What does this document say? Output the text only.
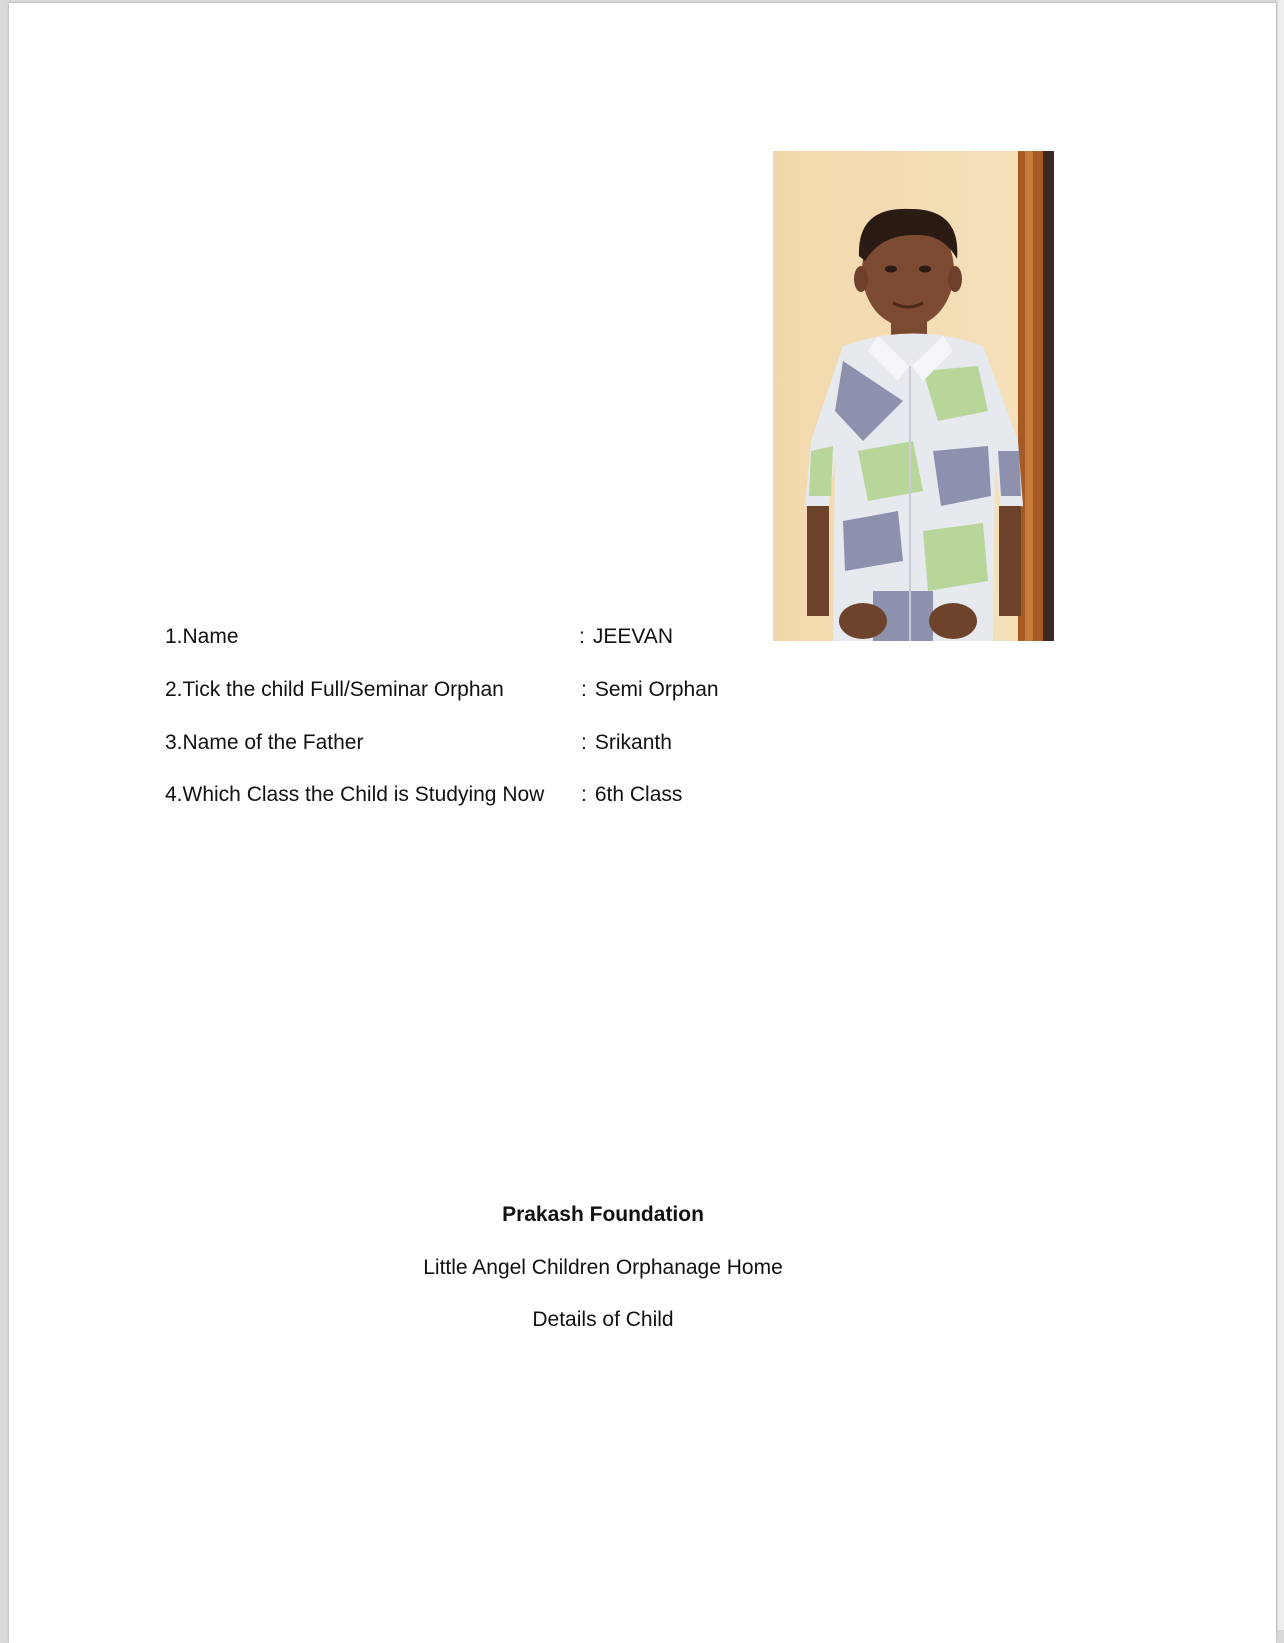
1.Name	: JEEVAN
2.Tick the child Full/Seminar Orphan	: Semi Orphan
3.Name of the Father	: Srikanth
4.Which Class the Child is Studying Now : 6th Class
Prakash Foundation
Little Angel Children Orphanage Home
Details of Child
